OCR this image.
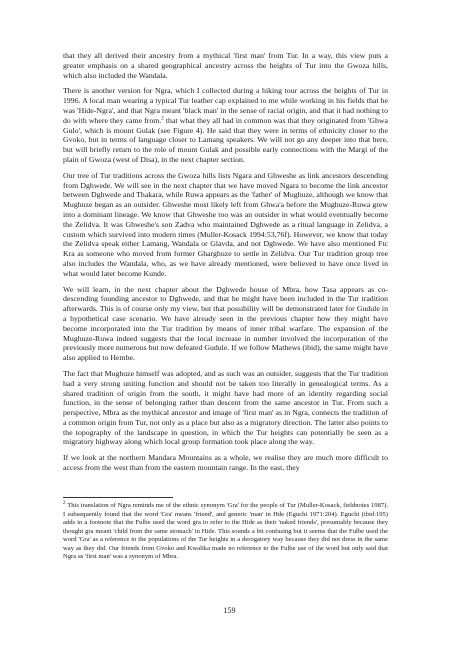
that they all derived their ancestry from a mythical 'first man' from Tur. In a way, this view puts a greater emphasis on a shared geographical ancestry across the heights of Tur into the Gwoza hills, which also included the Wandala.

There is another version for Ngra, which I collected during a hiking tour across the heights of Tur in 1996. A local man wearing a typical Tur leather cap explained to me while working in his fields that he was 'Hide-Ngra', and that Ngra meant 'black man' in the sense of racial origin, and that it had nothing to do with where they came from.$^2$ that what they all had in common was that they originated from 'Ghwa Gulo', which is mount Gulak (see Figure 4). He said that they were in terms of ethnicity closer to the Gvoko, but in terms of language closer to Lamang speakers. We will not go any deeper into that here, but will briefly return to the role of mount Gulak and possible early connections with the Margi of the plain of Gwoza (west of Disa), in the next chapter section.

Our tree of Tur traditions across the Gwoza hills lists Ngara and Ghweshe as link ancestors descending from Dghwede. We will see in the next chapter that we have moved Ngara to become the link ancestor between Dghwede and Thakara, while Ruwa appears as the 'father' of Mughuze, although we know that Mughuze began as an outsider. Ghweshe most likely left from Ghwa'a before the Mughuze-Ruwa grew into a dominant lineage. We know that Ghweshe too was an outsider in what would eventually become the Zelidva. It was Ghweshe's son Zadva who maintained Dghwede as a ritual language in Zelidva, a custom which survived into modern times (Muller-Kosack 1994:53,76f). However, we know that today the Zelidva speak either Lamang, Wandala or Glavda, and not Dghwede. We have also mentioned Ftc Kra as someone who moved from former Gharghuze to settle in Zelidva. Our Tur tradition group tree also includes the Wandala, who, as we have already mentioned, were believed to have once lived in what would later become Kunde.

We will learn, in the next chapter about the Dghwede house of Mbra, how Tasa appears as co-descending founding ancestor to Dghwede, and that he might have been included in the Tur tradition afterwards. This is of course only my view, but that possibility will be demonstrated later for Gudule in a hypothetical case scenario. We have already seen in the previous chapter how they might have become incorporated into the Tur tradition by means of inner tribal warfare. The expansion of the Mughuze-Ruwa indeed suggests that the local increase in number involved the incorporation of the previously more numerous but now defeated Gudule. If we follow Mathews (ibid), the same might have also applied to Hembe.

The fact that Mughuze himself was adopted, and as such was an outsider, suggests that the Tur tradition had a very strong uniting function and should not be taken too literally in genealogical terms. As a shared tradition of origin from the south, it might have had more of an identity regarding social function, in the sense of belonging rather than descent from the same ancestor in Tur. From such a perspective, Mbra as the mythical ancestor and image of 'first man' as in Ngra, connects the tradition of a common origin from Tur, not only as a place but also as a migratory direction. The latter also points to the topography of the landscape in question, in which the Tur heights can potentially be seen as a migratory highway along which local group formation took place along the way.

If we look at the northern Mandara Mountains as a whole, we realise they are much more difficult to access from the west than from the eastern mountain range. In the east, they

$^2$ This translation of Ngra reminds me of the ethnic synonym 'Gra' for the people of Tur (Muller-Kosack, fieldnotes 1987). I subsequently found that the word 'Gra' means 'friend', and generic 'man' in Hde (Eguchi 1971:204). Eguchi (ibid:195) adds in a footnote that the Fulbe used the word gra to refer to the Hide as their 'naked friends', presumably because they thought gra meant 'child from the same stomach' in Hide. This sounds a bit confusing but it seems that the Fulbe used the word 'Gra' as a reference to the populations of the Tur heights in a derogatory way because they did not dress in the same way as they did. Our friends from Gvoko and Kwalika made no reference to the Fulbe use of the word but only said that Ngra as 'first man' was a synonym of Mbra.

159
